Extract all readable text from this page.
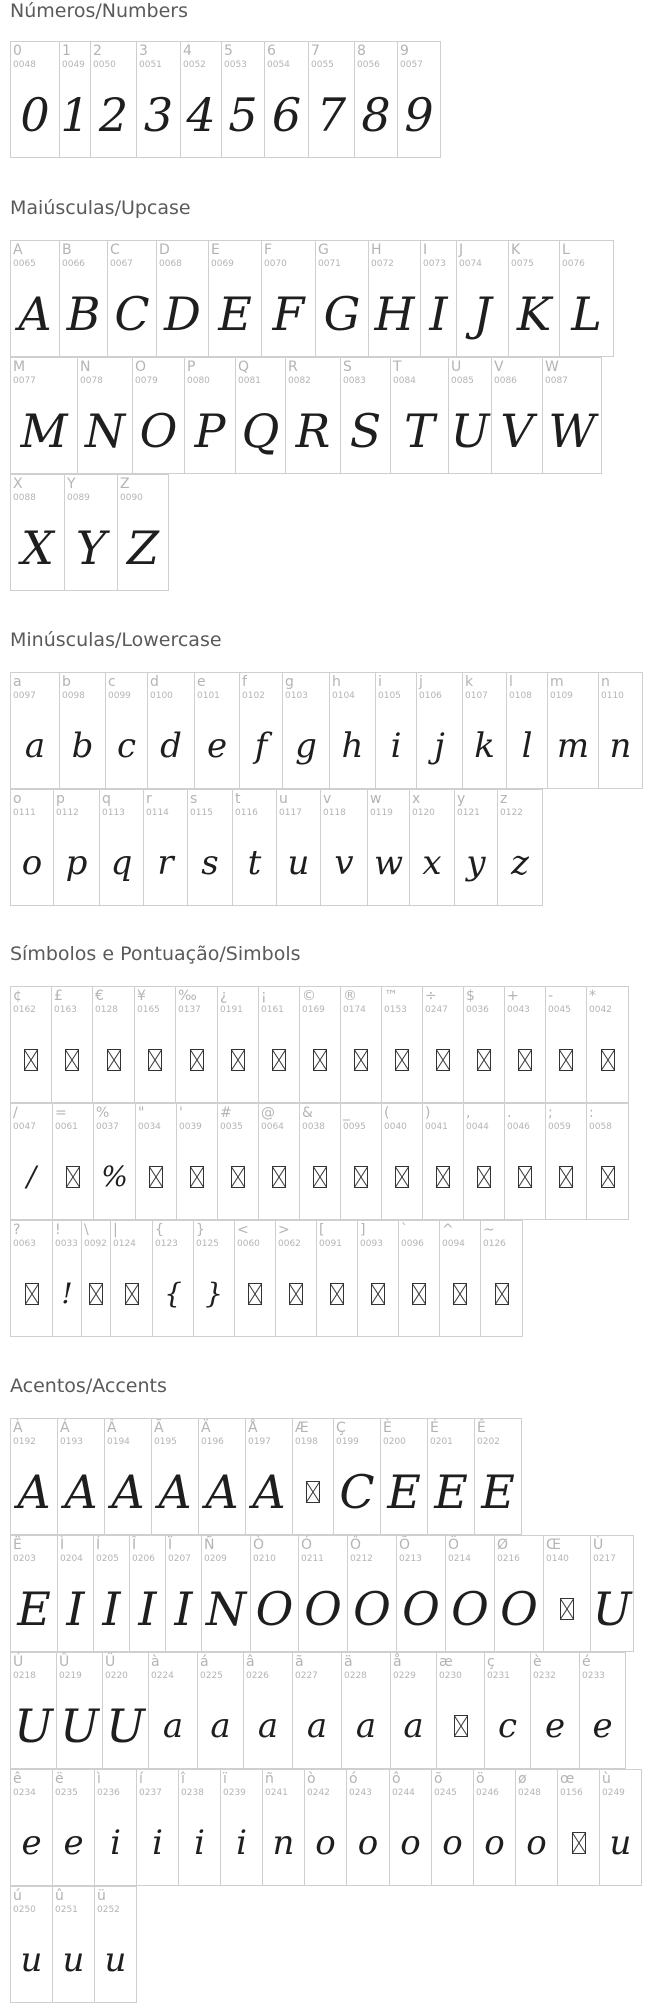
Números/Numbers
0
0048
0
1
0049
1
2
0050
2
3
0051
3
4
0052
4
5
0053
5
6
0054
6
7
0055
7
8
0056
8
9
0057
9
Maiúsculas/Upcase
A
0065
A
B
0066
B
C
0067
C
D
0068
D
E
0069
E
F
0070
F
G
0071
G
H
0072
H
I
0073
I
J
0074
J
K
0075
K
L
0076
L
M
0077
M
N
0078
N
O
0079
O
P
0080
P
Q
0081
Q
R
0082
R
S
0083
S
T
0084
T
U
0085
U
V
0086
V
W
0087
W
X
0088
X
Y
0089
Y
Z
0090
Z
Minúsculas/Lowercase
a
0097
a
b
0098
b
c
0099
c
d
0100
d
e
0101
e
f
0102
f
g
0103
g
h
0104
h
i
0105
i
j
0106
j
k
0107
k
l
0108
l
m
0109
m
n
0110
n
o
0111
o
p
0112
p
q
0113
q
r
0114
r
s
0115
s
t
0116
t
u
0117
u
v
0118
v
w
0119
w
x
0120
x
y
0121
y
z
0122
z
Símbolos e Pontuação/Simbols
¢
0162
£
0163
€
0128
¥
0165
‰
0137
¿
0191
¡
0161
©
0169
®
0174
™
0153
÷
0247
$
0036
+
0043
-
0045
*
0042
/
0047
/
=
0061
%
0037
%
"
0034
'
0039
#
0035
@
0064
&
0038
_
0095
(
0040
)
0041
,
0044
.
0046
;
0059
:
0058
?
0063
!
0033
!
\
0092
|
0124
{
0123
{
}
0125
}
<
0060
>
0062
[
0091
]
0093
`
0096
^
0094
~
0126
Acentos/Accents
À
0192
A
Á
0193
A
Â
0194
A
Ã
0195
A
Ä
0196
A
Å
0197
A
Æ
0198
Ç
0199
C
È
0200
E
É
0201
E
Ê
0202
E
Ë
0203
E
Ì
0204
I
Í
0205
I
Î
0206
I
Ï
0207
I
Ñ
0209
N
Ò
0210
O
Ó
0211
O
Ô
0212
O
Õ
0213
O
Ö
0214
O
Ø
0216
O
Œ
0140
Ù
0217
U
Ú
0218
U
Û
0219
U
Ü
0220
U
à
0224
a
á
0225
a
â
0226
a
ã
0227
a
ä
0228
a
å
0229
a
æ
0230
ç
0231
c
è
0232
e
é
0233
e
ê
0234
e
ë
0235
e
ì
0236
i
í
0237
i
î
0238
i
ï
0239
i
ñ
0241
n
ò
0242
o
ó
0243
o
ô
0244
o
õ
0245
o
ö
0246
o
ø
0248
o
œ
0156
ù
0249
u
ú
0250
u
û
0251
u
ü
0252
u
